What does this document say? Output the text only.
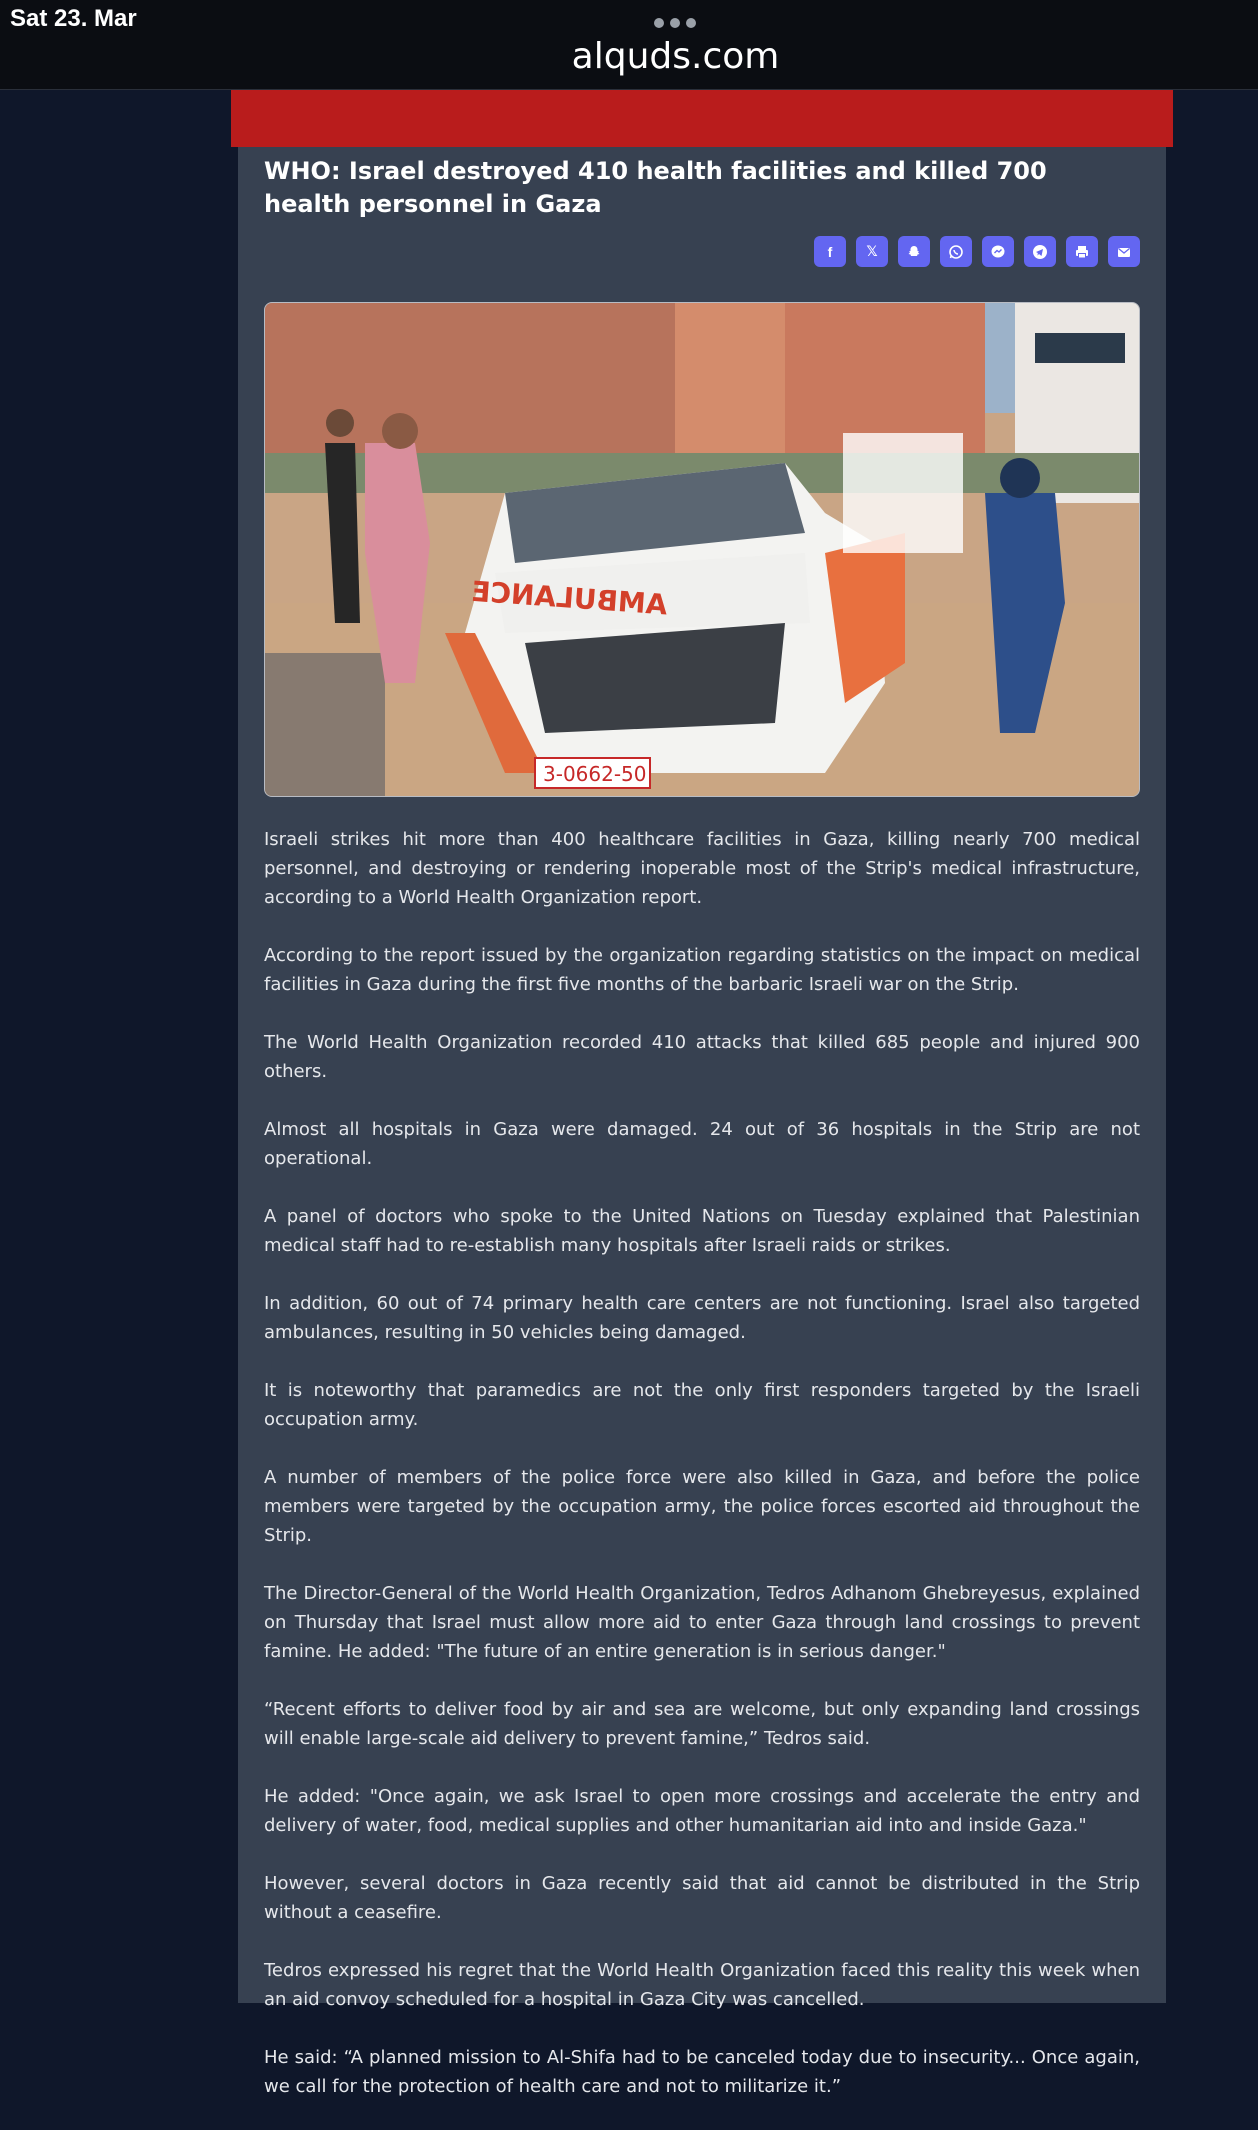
Sat 23. Mar
alquds.com
WHO: Israel destroyed 410 health facilities and killed 700 health personnel in Gaza
f	𝕏
3-0662-50
AMBULANCE

Israeli strikes hit more than 400 healthcare facilities in Gaza, killing nearly 700 medical personnel, and destroying or rendering inoperable most of the Strip's medical infrastructure, according to a World Health Organization report.

According to the report issued by the organization regarding statistics on the impact on medical facilities in Gaza during the first five months of the barbaric Israeli war on the Strip.

The World Health Organization recorded 410 attacks that killed 685 people and injured 900 others.

Almost all hospitals in Gaza were damaged. 24 out of 36 hospitals in the Strip are not operational.

A panel of doctors who spoke to the United Nations on Tuesday explained that Palestinian medical staff had to re-establish many hospitals after Israeli raids or strikes.

In addition, 60 out of 74 primary health care centers are not functioning. Israel also targeted ambulances, resulting in 50 vehicles being damaged.

It is noteworthy that paramedics are not the only first responders targeted by the Israeli occupation army.

A number of members of the police force were also killed in Gaza, and before the police members were targeted by the occupation army, the police forces escorted aid throughout the Strip.

The Director-General of the World Health Organization, Tedros Adhanom Ghebreyesus, explained on Thursday that Israel must allow more aid to enter Gaza through land crossings to prevent famine. He added: "The future of an entire generation is in serious danger."

“Recent efforts to deliver food by air and sea are welcome, but only expanding land crossings will enable large-scale aid delivery to prevent famine,” Tedros said.

He added: "Once again, we ask Israel to open more crossings and accelerate the entry and delivery of water, food, medical supplies and other humanitarian aid into and inside Gaza."

However, several doctors in Gaza recently said that aid cannot be distributed in the Strip without a ceasefire.

Tedros expressed his regret that the World Health Organization faced this reality this week when an aid convoy scheduled for a hospital in Gaza City was cancelled.

He said: “A planned mission to Al-Shifa had to be canceled today due to insecurity... Once again, we call for the protection of health care and not to militarize it.”
